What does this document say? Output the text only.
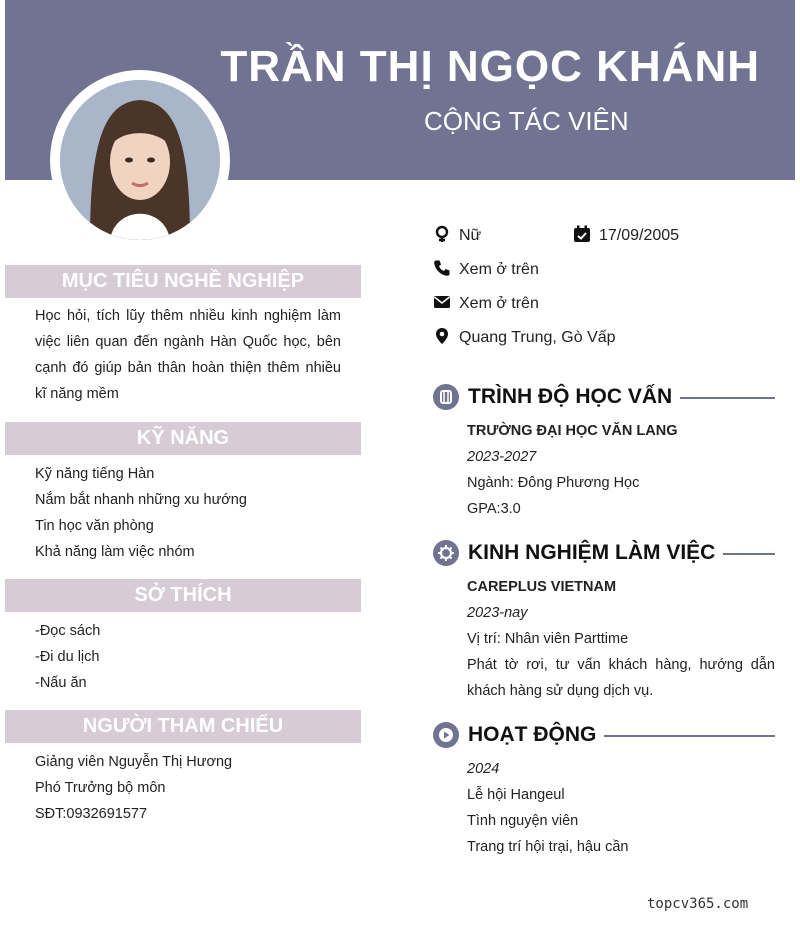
TRẦN THỊ NGỌC KHÁNH
CỘNG TÁC VIÊN
MỤC TIÊU NGHỀ NGHIỆP
Học hỏi, tích lũy thêm nhiều kinh nghiệm làm việc liên quan đến ngành Hàn Quốc học, bên cạnh đó giúp bản thân hoàn thiện thêm nhiều kĩ năng mềm
KỸ NĂNG
Kỹ năng tiếng Hàn
Nắm bắt nhanh những xu hướng
Tin học văn phòng
Khả năng làm việc nhóm
SỞ THÍCH
-Đọc sách
-Đi du lịch
-Nấu ăn
NGƯỜI THAM CHIẾU
Giảng viên Nguyễn Thị Hương
Phó Trưởng bộ môn
SĐT:0932691577
Nữ	17/09/2005
Xem ở trên
Xem ở trên
Quang Trung, Gò Vấp
TRÌNH ĐỘ HỌC VẤN
TRƯỜNG ĐẠI HỌC VĂN LANG
2023-2027
Ngành: Đông Phương Học
GPA:3.0
KINH NGHIỆM LÀM VIỆC
CAREPLUS VIETNAM
2023-nay
Vị trí: Nhân viên Parttime
Phát tờ rơi, tư vấn khách hàng, hướng dẫn khách hàng sử dụng dịch vụ.
HOẠT ĐỘNG
2024
Lễ hội Hangeul
Tình nguyện viên
Trang trí hội trại, hậu cần
topcv365.com
